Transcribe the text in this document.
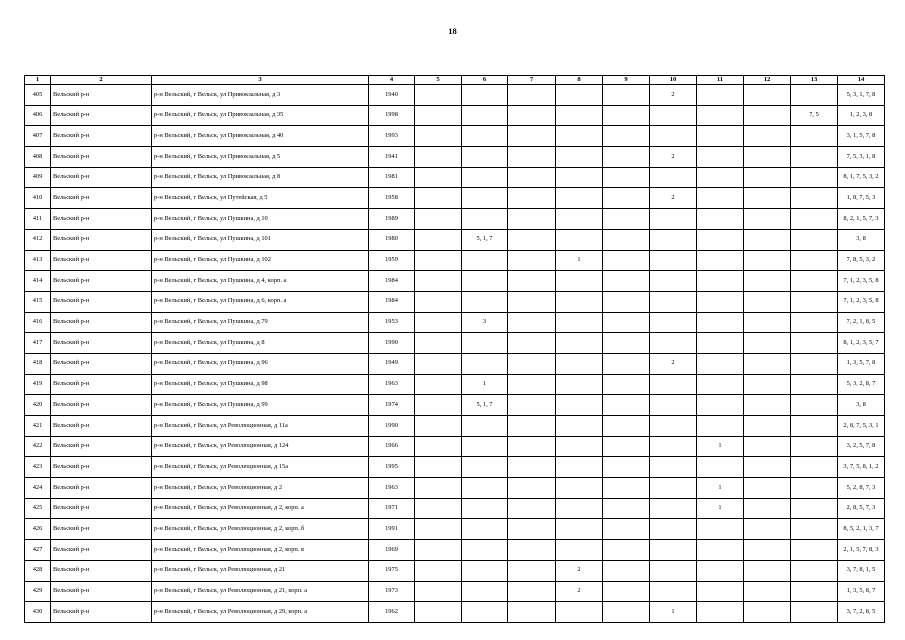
18
1	2	3	4	5	6	7	8	9	10	11	12	13	14
405	Вельский р-н	р-н Вельский, г Вельск, ул Привокзальная, д 3	1940						2				5, 3, 1, 7, 8
406	Вельский р-н	р-н Вельский, г Вельск, ул Привокзальная, д 35	1998									7, 5	1, 2, 3, 8
407	Вельский р-н	р-н Вельский, г Вельск, ул Привокзальная, д 40	1993										3, 1, 5, 7, 8
408	Вельский р-н	р-н Вельский, г Вельск, ул Привокзальная, д 5	1941						2				7, 5, 3, 1, 8
409	Вельский р-н	р-н Вельский, г Вельск, ул Привокзальная, д 8	1981										8, 1, 7, 5, 3, 2
410	Вельский р-н	р-н Вельский, г Вельск, ул Путейская, д 5	1958						2				1, 8, 7, 5, 3
411	Вельский р-н	р-н Вельский, г Вельск, ул Пушкина, д 10	1989										8, 2, 1, 5, 7, 3
412	Вельский р-н	р-н Вельский, г Вельск, ул Пушкина, д 101	1980		5, 1, 7								3, 8
413	Вельский р-н	р-н Вельский, г Вельск, ул Пушкина, д 102	1959				1						7, 8, 5, 3, 2
414	Вельский р-н	р-н Вельский, г Вельск, ул Пушкина, д 4, корп. а	1984										7, 1, 2, 3, 5, 8
415	Вельский р-н	р-н Вельский, г Вельск, ул Пушкина, д 6, корп. а	1984										7, 1, 2, 3, 5, 8
416	Вельский р-н	р-н Вельский, г Вельск, ул Пушкина, д 79	1953		3								7, 2, 1, 8, 5
417	Вельский р-н	р-н Вельский, г Вельск, ул Пушкина, д 8	1990										8, 1, 2, 3, 5, 7
418	Вельский р-н	р-н Вельский, г Вельск, ул Пушкина, д 96	1949						2				1, 3, 5, 7, 8
419	Вельский р-н	р-н Вельский, г Вельск, ул Пушкина, д 98	1963		1								5, 3, 2, 8, 7
420	Вельский р-н	р-н Вельский, г Вельск, ул Пушкина, д 99	1974		5, 1, 7								3, 8
421	Вельский р-н	р-н Вельский, г Вельск, ул Революционная, д 11а	1990										2, 8, 7, 5, 3, 1
422	Вельский р-н	р-н Вельский, г Вельск, ул Революционная, д 124	1966							1			3, 2, 5, 7, 8
423	Вельский р-н	р-н Вельский, г Вельск, ул Революционная, д 15а	1995										3, 7, 5, 8, 1, 2
424	Вельский р-н	р-н Вельский, г Вельск, ул Революционная, д 2	1963							1			5, 2, 8, 7, 3
425	Вельский р-н	р-н Вельский, г Вельск, ул Революционная, д 2, корп. а	1971							1			2, 8, 5, 7, 3
426	Вельский р-н	р-н Вельский, г Вельск, ул Революционная, д 2, корп. б	1991										8, 5, 2, 1, 3, 7
427	Вельский р-н	р-н Вельский, г Вельск, ул Революционная, д 2, корп. в	1969										2, 1, 5, 7, 8, 3
428	Вельский р-н	р-н Вельский, г Вельск, ул Революционная, д 21	1975				2						3, 7, 8, 1, 5
429	Вельский р-н	р-н Вельский, г Вельск, ул Революционная, д 21, корп. а	1973				2						1, 3, 5, 8, 7
430	Вельский р-н	р-н Вельский, г Вельск, ул Революционная, д 29, корп. а	1962						1				3, 7, 2, 8, 5
